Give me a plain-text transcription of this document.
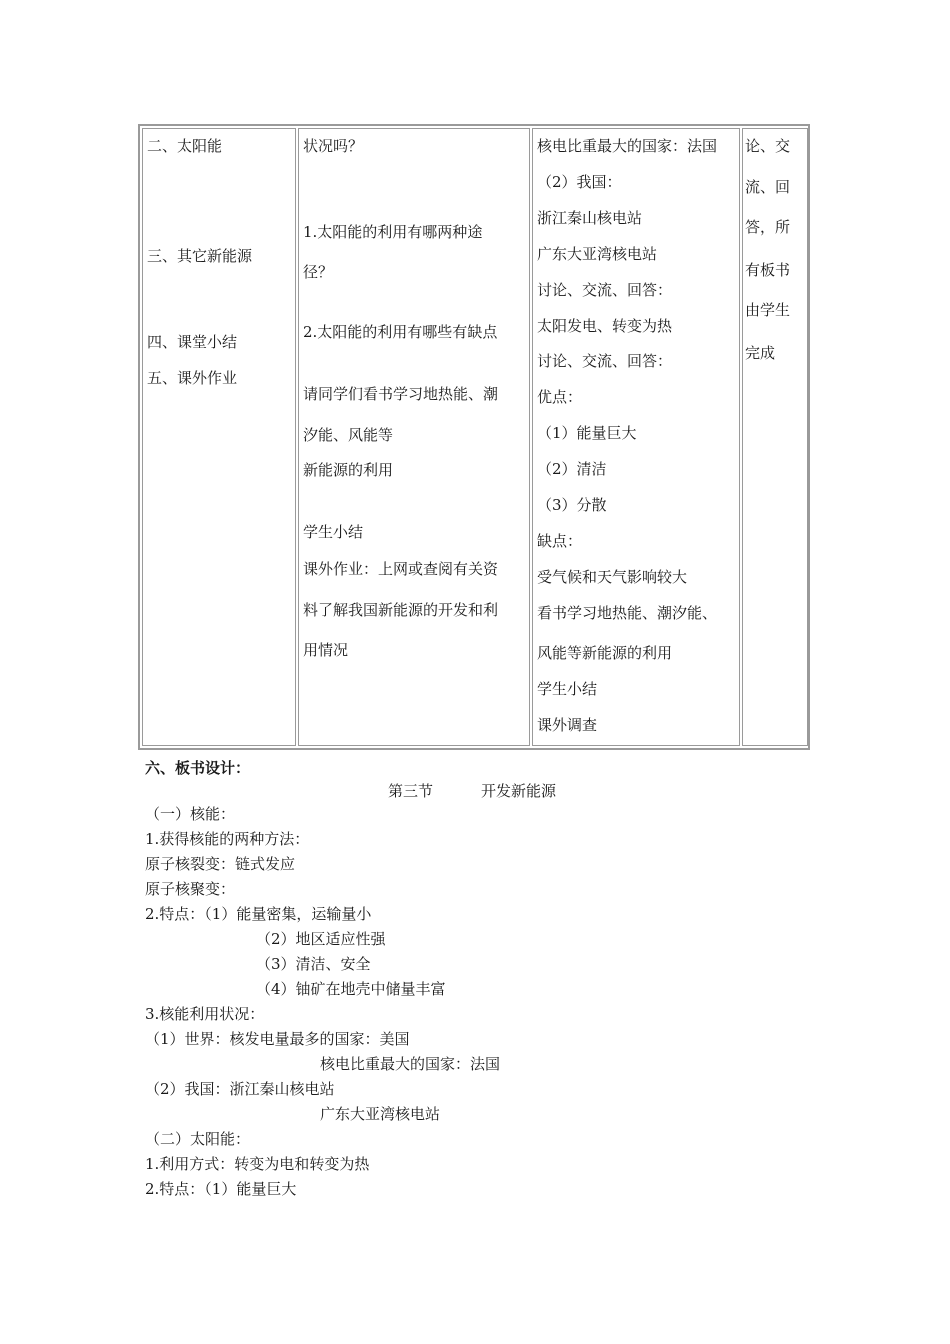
二、太阳能
三、其它新能源
四、课堂小结
五、课外作业
状况吗？
1.太阳能的利用有哪两种途
径？
2.太阳能的利用有哪些有缺点
请同学们看书学习地热能、潮
汐能、风能等
新能源的利用
学生小结
课外作业：上网或查阅有关资
料了解我国新能源的开发和利
用情况
核电比重最大的国家：法国
（2）我国：
浙江秦山核电站
广东大亚湾核电站
讨论、交流、回答：
太阳发电、转变为热
讨论、交流、回答：
优点：
（1）能量巨大
（2）清洁
（3）分散
缺点：
受气候和天气影响较大
看书学习地热能、潮汐能、
风能等新能源的利用
学生小结
课外调查
论、交
流、回
答，所
有板书
由学生
完成
六、板书设计：
第三节	开发新能源
（一）核能：
1.获得核能的两种方法：
原子核裂变：链式发应
原子核聚变：
2.特点：（1）能量密集，运输量小
（2）地区适应性强
（3）清洁、安全
（4）铀矿在地壳中储量丰富
3.核能利用状况：
（1）世界：核发电量最多的国家：美国
核电比重最大的国家：法国
（2）我国：浙江秦山核电站
广东大亚湾核电站
（二）太阳能：
1.利用方式：转变为电和转变为热
2.特点：（1）能量巨大
